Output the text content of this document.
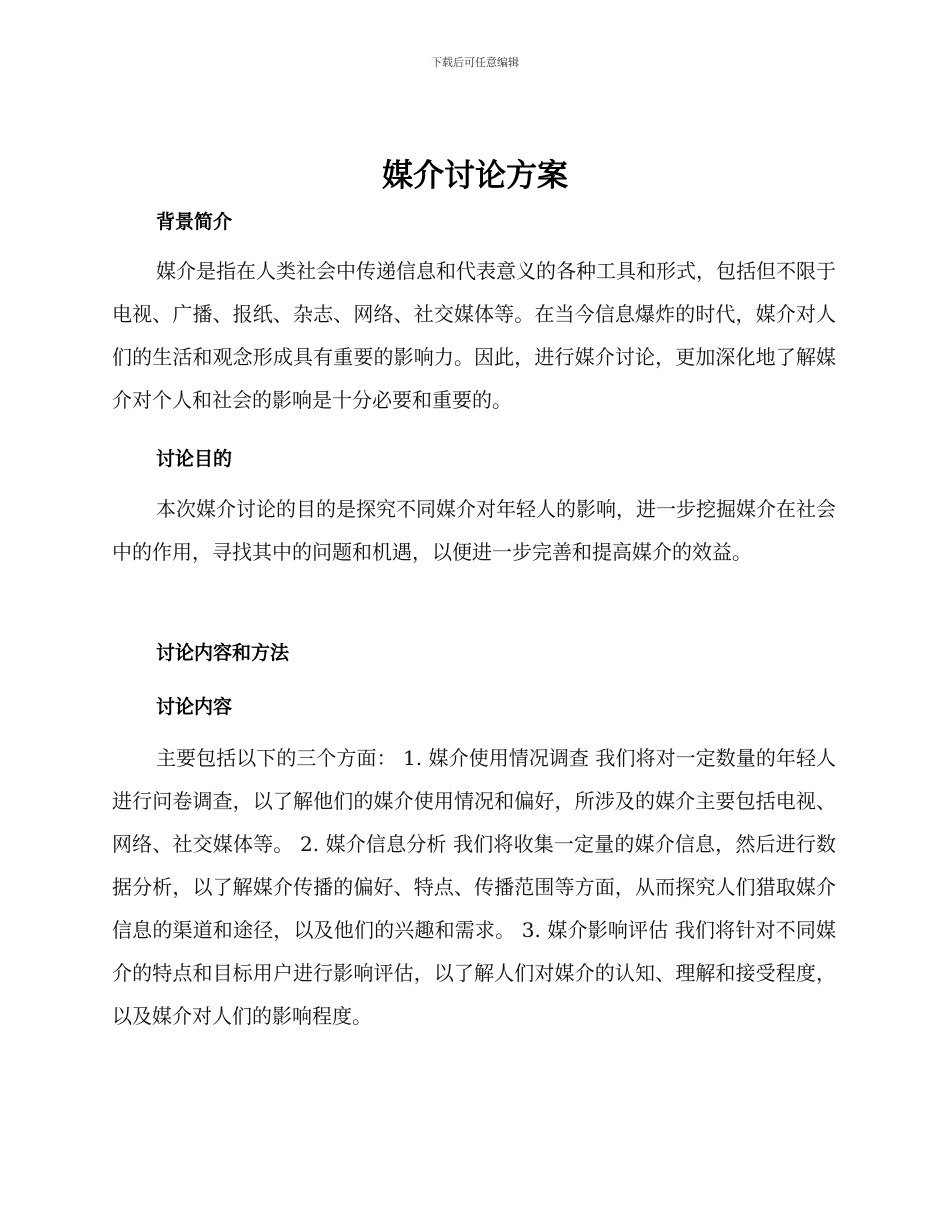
下载后可任意编辑
媒介讨论方案
背景简介

媒介是指在人类社会中传递信息和代表意义的各种工具和形式，包括但不限于电视、广播、报纸、杂志、网络、社交媒体等。在当今信息爆炸的时代，媒介对人们的生活和观念形成具有重要的影响力。因此，进行媒介讨论，更加深化地了解媒介对个人和社会的影响是十分必要和重要的。

讨论目的

本次媒介讨论的目的是探究不同媒介对年轻人的影响，进一步挖掘媒介在社会中的作用，寻找其中的问题和机遇，以便进一步完善和提高媒介的效益。

讨论内容和方法
讨论内容

主要包括以下的三个方面： 1. 媒介使用情况调查 我们将对一定数量的年轻人进行问卷调查，以了解他们的媒介使用情况和偏好，所涉及的媒介主要包括电视、网络、社交媒体等。 2. 媒介信息分析 我们将收集一定量的媒介信息，然后进行数据分析，以了解媒介传播的偏好、特点、传播范围等方面，从而探究人们猎取媒介信息的渠道和途径，以及他们的兴趣和需求。 3. 媒介影响评估 我们将针对不同媒介的特点和目标用户进行影响评估，以了解人们对媒介的认知、理解和接受程度，以及媒介对人们的影响程度。
